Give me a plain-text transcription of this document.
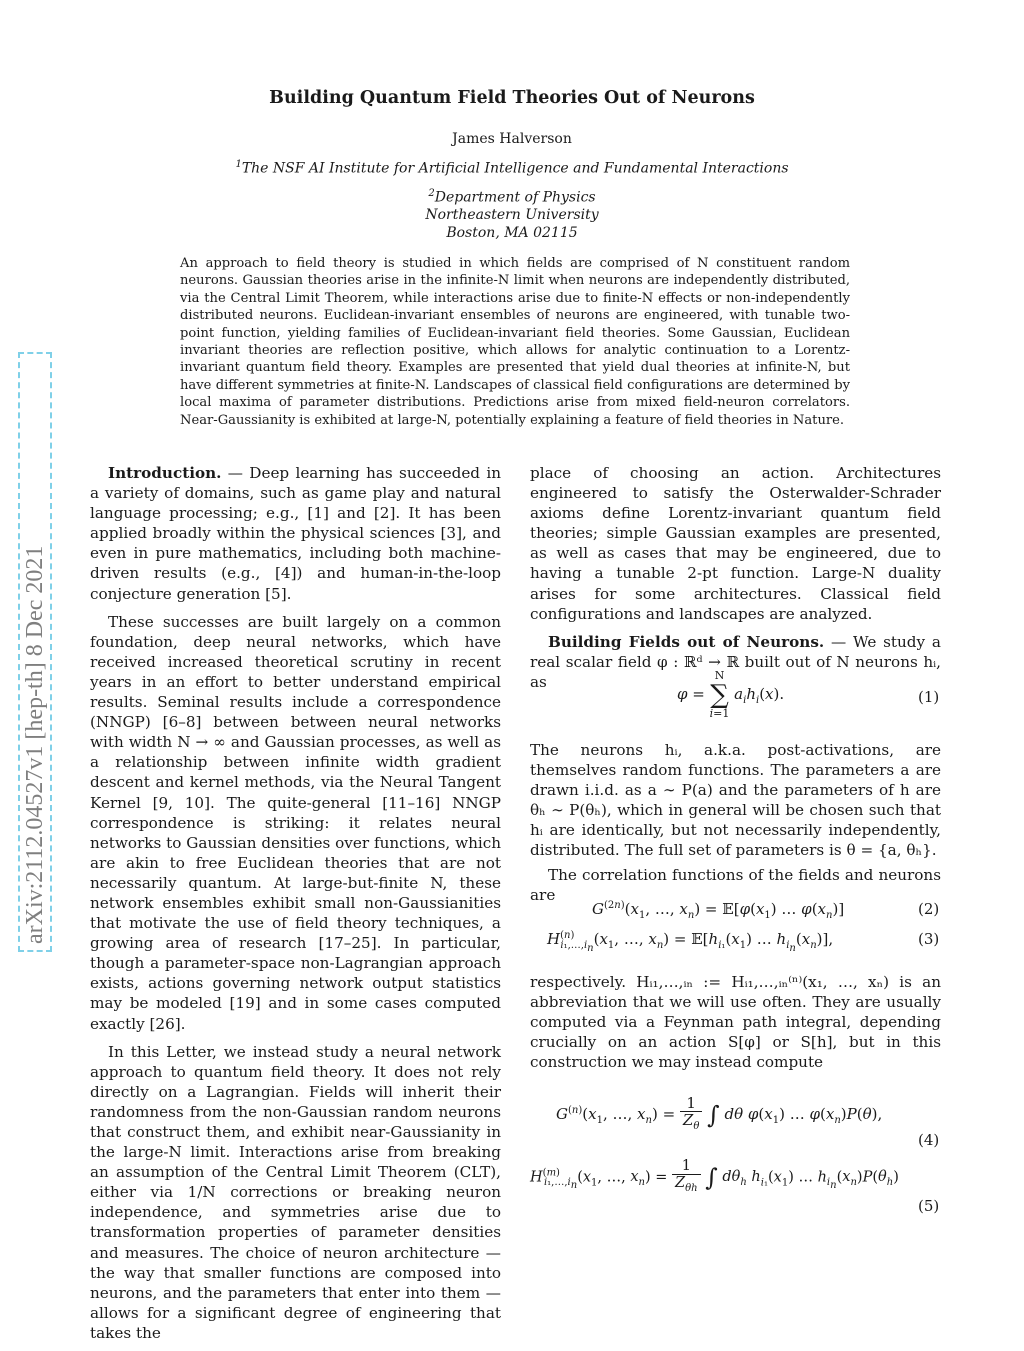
arXiv:2112.04527v1 [hep-th] 8 Dec 2021
Building Quantum Field Theories Out of Neurons
James Halverson
$^1$The NSF AI Institute for Artificial Intelligence and Fundamental Interactions
$^2$Department of Physics
Northeastern University
Boston, MA 02115
An approach to field theory is studied in which fields are comprised of N constituent random neurons. Gaussian theories arise in the infinite-N limit when neurons are independently distributed, via the Central Limit Theorem, while interactions arise due to finite-N effects or non-independently distributed neurons. Euclidean-invariant ensembles of neurons are engineered, with tunable two-point function, yielding families of Euclidean-invariant field theories. Some Gaussian, Euclidean invariant theories are reflection positive, which allows for analytic continuation to a Lorentz-invariant quantum field theory. Examples are presented that yield dual theories at infinite-N, but have different symmetries at finite-N. Landscapes of classical field configurations are determined by local maxima of parameter distributions. Predictions arise from mixed field-neuron correlators. Near-Gaussianity is exhibited at large-N, potentially explaining a feature of field theories in Nature.

Introduction. — Deep learning has succeeded in a variety of domains, such as game play and natural language processing; e.g., [1] and [2]. It has been applied broadly within the physical sciences [3], and even in pure mathematics, including both machine-driven results (e.g., [4]) and human-in-the-loop conjecture generation [5].

These successes are built largely on a common foundation, deep neural networks, which have received increased theoretical scrutiny in recent years in an effort to better understand empirical results. Seminal results include a correspondence (NNGP) [6–8] between between neural networks with width N → ∞ and Gaussian processes, as well as a relationship between infinite width gradient descent and kernel methods, via the Neural Tangent Kernel [9, 10]. The quite-general [11–16] NNGP correspondence is striking: it relates neural networks to Gaussian densities over functions, which are akin to free Euclidean theories that are not necessarily quantum. At large-but-finite N, these network ensembles exhibit small non-Gaussianities that motivate the use of field theory techniques, a growing area of research [17–25]. In particular, though a parameter-space non-Lagrangian approach exists, actions governing network output statistics may be modeled [19] and in some cases computed exactly [26].

In this Letter, we instead study a neural network approach to quantum field theory. It does not rely directly on a Lagrangian. Fields will inherit their randomness from the non-Gaussian random neurons that construct them, and exhibit near-Gaussianity in the large-N limit. Interactions arise from breaking an assumption of the Central Limit Theorem (CLT), either via 1/N corrections or breaking neuron independence, and symmetries arise due to transformation properties of parameter densities and measures. The choice of neuron architecture — the way that smaller functions are composed into neurons, and the parameters that enter into them — allows for a significant degree of engineering that takes the

place of choosing an action. Architectures engineered to satisfy the Osterwalder-Schrader axioms define Lorentz-invariant quantum field theories; simple Gaussian examples are presented, as well as cases that may be engineered, due to having a tunable 2-pt function. Large-N duality arises for some architectures. Classical field configurations and landscapes are analyzed.

Building Fields out of Neurons. — We study a real scalar field φ : ℝᵈ → ℝ built out of N neurons hᵢ, as

φ = N
∑
i=1 $a_ih_i(x)$.	(1)

The neurons hᵢ, a.k.a. post-activations, are themselves random functions. The parameters a are drawn i.i.d. as a ∼ P(a) and the parameters of h are θₕ ∼ P(θₕ), which in general will be chosen such that hᵢ are identically, but not necessarily independently, distributed. The full set of parameters is θ = {a, θₕ}.

The correlation functions of the fields and neurons are

$G^{(2n)}(x_1$, …, $x_n$) = $𝔼[\varphi(x_1)$ … $\varphi(x_n)$]	(2)
$H^{(n)}_{i_1,\dots,i_n}(x_1$, …, $x_n$) = $𝔼[h_{i_1}(x_1)$ … $h_{i_n}(x_n)$],	(3)

respectively. Hᵢ₁,…,ᵢₙ := Hᵢ₁,…,ᵢₙ⁽ⁿ⁾(x₁, …, xₙ) is an abbreviation that we will use often. They are usually computed via a Feynman path integral, depending crucially on an action S[φ] or S[h], but in this construction we may instead compute

$G^{(n)}(x_1$, …, $x_n) = 1$
$Z_\theta$ ∫ dθ $\varphi(x_1)$ … $\varphi(x_n)P(\theta)$,
(4)
$H^{(m)}_{i_1,\dots,i_n}(x_1$, …, $x_n) = 1$
$Z_{\theta h}$ ∫ $d\theta_h$ $h_{i_1}(x_1)$ … $h_{i_n}(x_n)P(\theta_h)$
(5)
